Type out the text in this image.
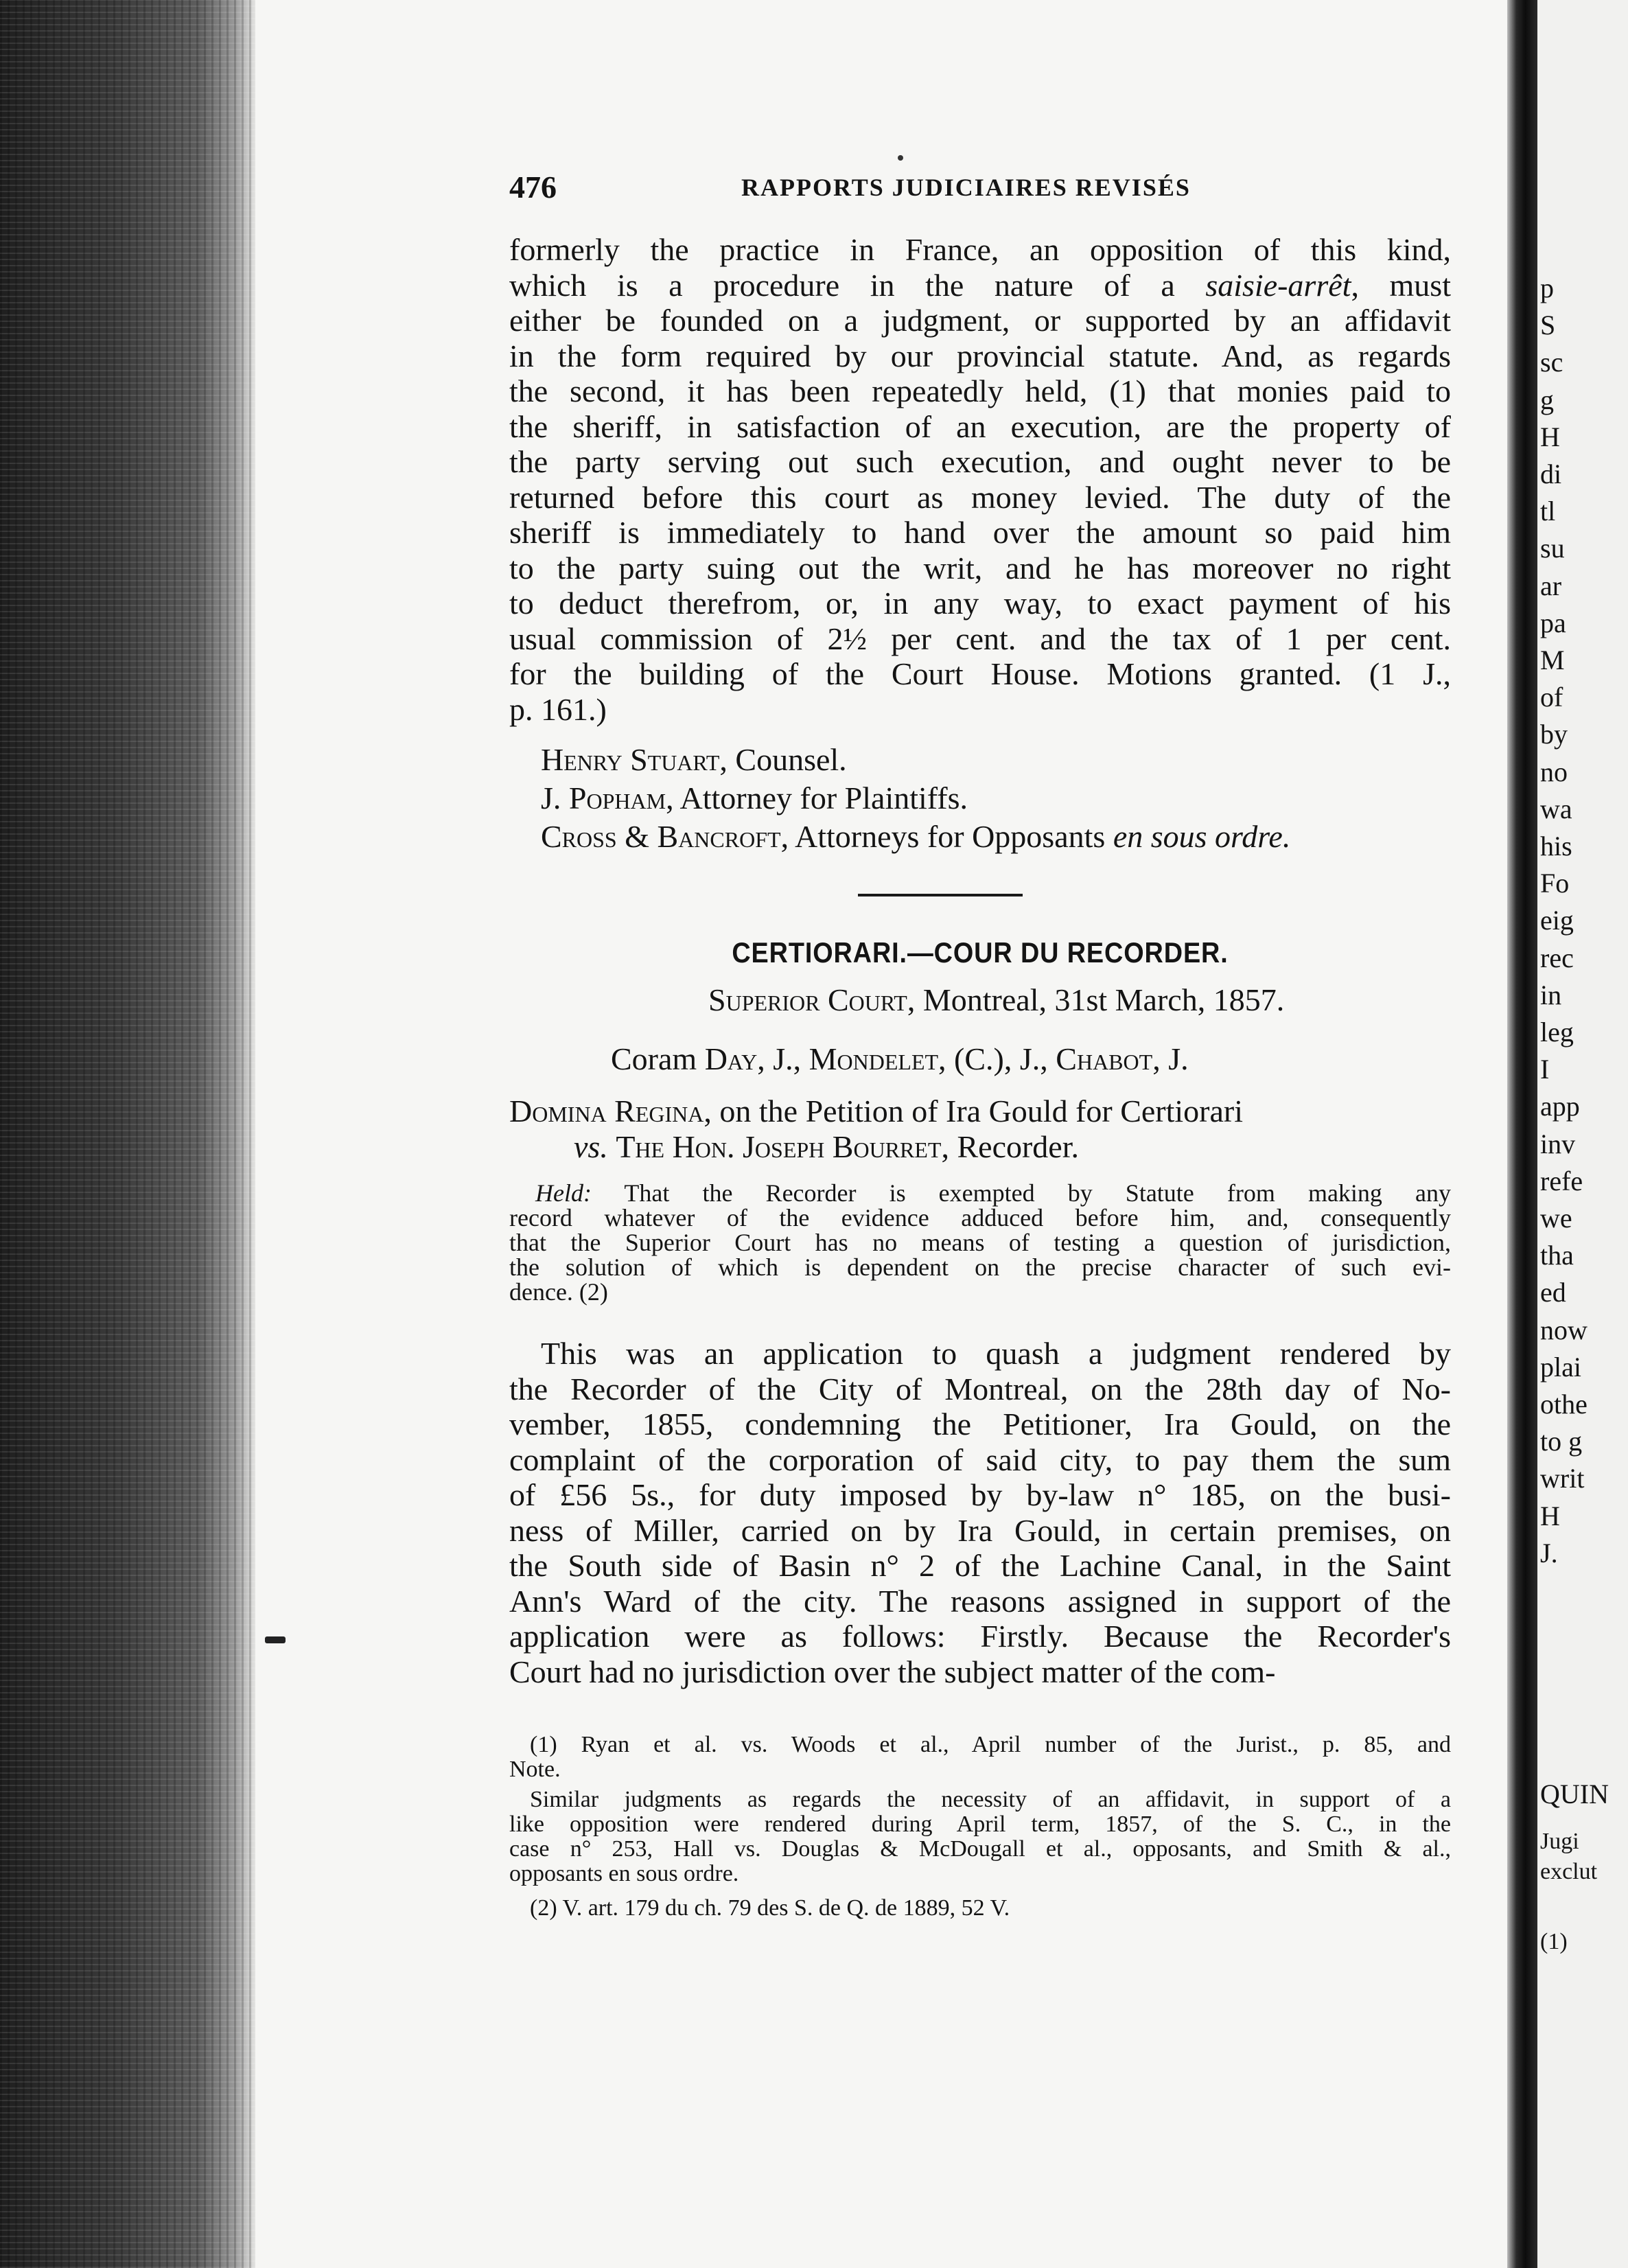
p
S
sc
g
H
di
tl
su
ar
pa
M
of
by
no
wa
his
Fo
eig
rec
in
leg
I
app
inv
refe
we
tha
ed
now
plai
othe
to g
writ
H
J.
QUIN
Jugi
exclut
(1)
476	RAPPORTS JUDICIAIRES REVISÉS
formerly the practice in France, an opposition of this kind,
which is a procedure in the nature of a saisie-arrêt, must
either be founded on a judgment, or supported by an affidavit
in the form required by our provincial statute. And, as regards
the second, it has been repeatedly held, (1) that monies paid to
the sheriff, in satisfaction of an execution, are the property of
the party serving out such execution, and ought never to be
returned before this court as money levied. The duty of the
sheriff is immediately to hand over the amount so paid him
to the party suing out the writ, and he has moreover no right
to deduct therefrom, or, in any way, to exact payment of his
usual commission of 2½ per cent. and the tax of 1 per cent.
for the building of the Court House. Motions granted. (1 J.,
p. 161.)
Henry Stuart, Counsel.
J. Popham, Attorney for Plaintiffs.
Cross & Bancroft, Attorneys for Opposants en sous ordre.
CERTIORARI.—COUR DU RECORDER.
Superior Court, Montreal, 31st March, 1857.
Coram Day, J., Mondelet, (C.), J., Chabot, J.
Domina Regina, on the Petition of Ira Gould for Certiorari
vs. The Hon. Joseph Bourret, Recorder.
Held: That the Recorder is exempted by Statute from making any
record whatever of the evidence adduced before him, and, consequently
that the Superior Court has no means of testing a question of jurisdiction,
the solution of which is dependent on the precise character of such evi-
dence. (2)
This was an application to quash a judgment rendered by
the Recorder of the City of Montreal, on the 28th day of No-
vember, 1855, condemning the Petitioner, Ira Gould, on the
complaint of the corporation of said city, to pay them the sum
of £56 5s., for duty imposed by by-law n° 185, on the busi-
ness of Miller, carried on by Ira Gould, in certain premises, on
the South side of Basin n° 2 of the Lachine Canal, in the Saint
Ann's Ward of the city. The reasons assigned in support of the
application were as follows: Firstly. Because the Recorder's
Court had no jurisdiction over the subject matter of the com-
(1) Ryan et al. vs. Woods et al., April number of the Jurist., p. 85, and
Note.
Similar judgments as regards the necessity of an affidavit, in support of a
like opposition were rendered during April term, 1857, of the S. C., in the
case n° 253, Hall vs. Douglas & McDougall et al., opposants, and Smith & al.,
opposants en sous ordre.
(2) V. art. 179 du ch. 79 des S. de Q. de 1889, 52 V.
